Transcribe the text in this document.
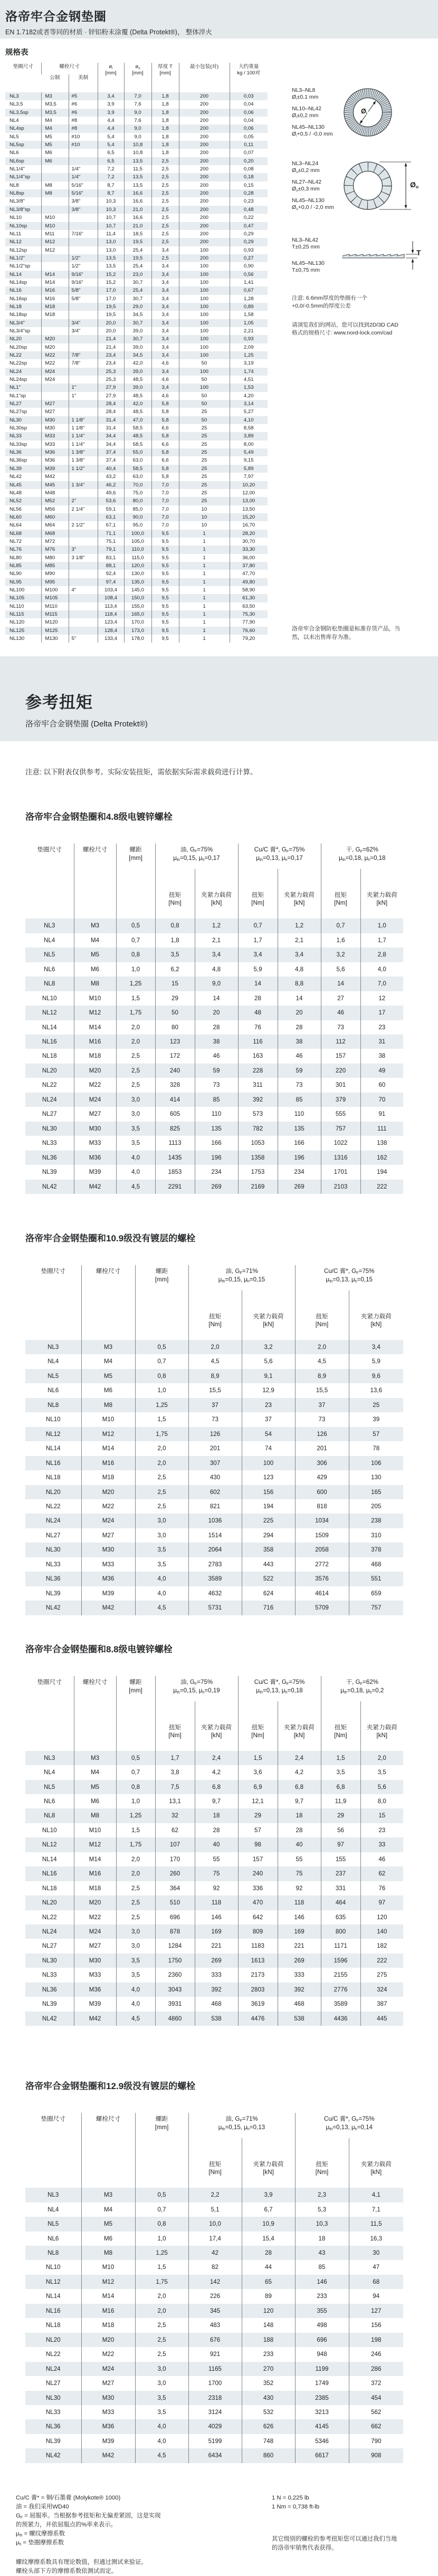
洛帝牢合金钢垫圈
EN 1.7182或者等同的材质 · 锌铝粉末涂覆 (Delta Protekt®)， 整体淬火
规格表
垫圈尺寸	螺栓尺寸	$ø_i$
[mm]

$ø_o$
[mm]

厚度 T
[mm]

最小包装(对)	大约重量
kg / 100对

	公制	美制					

NL3	M3	#5	3,4	7,0	1,8	200	0,03
NL3,5	M3,5	#6	3,9	7,6	1,8	200	0,04
NL3,5sp	M3,5	#6	3,9	9,0	1,8	200	0,06
NL4	M4	#8	4,4	7,6	1,8	200	0,04
NL4sp	M4	#8	4,4	9,0	1,8	200	0,06
NL5	M5	#10	5,4	9,0	1,8	200	0,05
NL5sp	M5	#10	5,4	10,8	1,8	200	0,11
NL6	M6		6,5	10,8	1,8	200	0,07
NL6sp	M6		6,5	13,5	2,5	200	0,20
NL1/4"		1/4"	7,2	11,5	2,5	200	0,08
NL1/4"sp		1/4"	7,2	13,5	2,5	200	0,18
NL8	M8	5/16"	8,7	13,5	2,5	200	0,15
NL8sp	M8	5/16"	8,7	16,6	2,5	200	0,28
NL3/8"		3/8"	10,3	16,6	2,5	200	0,23
NL3/8"sp		3/8"	10,3	21,0	2,5	200	0,48
NL10	M10		10,7	16,6	2,5	200	0,22
NL10sp	M10		10,7	21,0	2,5	200	0,47
NL11	M11	7/16"	11,4	18,5	2,5	200	0,29
NL12	M12		13,0	19,5	2,5	200	0,29
NL12sp	M12		13,0	25,4	3,4	100	0,93
NL1/2"		1/2"	13,5	19,5	2,5	200	0,27
NL1/2"sp		1/2"	13,5	25,4	3,4	100	0,90
NL14	M14	9/16"	15,2	23,0	3,4	100	0,56
NL14sp	M14	9/16"	15,2	30,7	3,4	100	1,41
NL16	M16	5/8"	17,0	25,4	3,4	100	0,67
NL16sp	M16	5/8"	17,0	30,7	3,4	100	1,28
NL18	M18		19,5	29,0	3,4	100	0,89
NL18sp	M18		19,5	34,5	3,4	100	1,58
NL3/4"		3/4"	20,0	30,7	3,4	100	1,05
NL3/4"sp		3/4"	20,0	39,0	3,4	100	2,21
NL20	M20		21,4	30,7	3,4	100	0,93
NL20sp	M20		21,4	39,0	3,4	100	2,09
NL22	M22	7/8"	23,4	34,5	3,4	100	1,25
NL22sp	M22	7/8"	23,4	42,0	4,6	50	3,19
NL24	M24		25,3	39,0	3,4	100	1,74
NL24sp	M24		25,3	48,5	4,6	50	4,51
NL1"		1"	27,9	39,0	3,4	100	1,53
NL1"sp		1"	27,9	48,5	4,6	50	4,20
NL27	M27		28,4	42,0	5,8	50	3,14
NL27sp	M27		28,4	48,5	5,8	25	5,27
NL30	M30	1 1/8"	31,4	47,0	5,8	50	4,10
NL30sp	M30	1 1/8"	31,4	58,5	6,6	25	8,58
NL33	M33	1 1/4"	34,4	48,5	5,8	25	3,89
NL33sp	M33	1 1/4"	34,4	58,5	6,6	25	8,00
NL36	M36	1 3/8"	37,4	55,0	5,8	25	5,49
NL36sp	M36	1 3/8"	37,4	63,0	6,6	25	9,15
NL39	M39	1 1/2"	40,4	58,5	5,8	25	5,89
NL42	M42		43,2	63,0	5,8	25	7,97
NL45	M45	1 3/4"	46,2	70,0	7,0	25	10,20
NL48	M48		49,6	75,0	7,0	25	12,00
NL52	M52	2"	53,6	80,0	7,0	25	13,00
NL56	M56	2 1/4"	59,1	85,0	7,0	10	13,50
NL60	M60		63,1	90,0	7,0	10	15,20
NL64	M64	2 1/2"	67,1	95,0	7,0	10	16,70
NL68	M68		71,1	100,0	9,5	1	28,20
NL72	M72		75,1	105,0	9,5	1	30,70
NL76	M76	3"	79,1	110,0	9,5	1	33,30
NL80	M80	3 1/8"	83,1	115,0	9,5	1	36,00
NL85	M85		88,1	120,0	9,5	1	37,80
NL90	M90		92,4	130,0	9,5	1	47,70
NL95	M95		97,4	135,0	9,5	1	49,80
NL100	M100	4"	103,4	145,0	9,5	1	58,90
NL105	M105		108,4	150,0	9,5	1	61,30
NL110	M110		113,4	155,0	9,5	1	63,50
NL115	M115		118,4	165,0	9,5	1	75,30
NL120	M120		123,4	170,0	9,5	1	77,90
NL125	M125		128,4	173,0	9,5	1	76,60
NL130	M130	5"	133,4	178,0	9,5	1	79,20
NL3–NL8
$Ø_i\pm 0,1$ mm
NL10–NL42
$Ø_i\pm 0,2$ mm
NL45–NL130
$Ø_i+0,5 / -0,0$ mm
$Ø_i$
NL3–NL24
$Ø_o\pm 0,2$ mm
NL27–NL42
$Ø_o\pm 0,3$ mm
NL45–NL130
$Ø_o+0,0 / -2,0$ mm
$Ø_o$
NL3–NL42
T±0,25 mm
NL45–NL130
T±0,75 mm
T
注意: 6.6mm厚度的垫圈有一个
+0,0/-0.5mm的厚度公差
请浏览我们的网站，您可以找到2D/3D CAD
格式的规格尺寸: www.nord-lock.com/cad
洛帝牢合金钢防松垫圈是标准存货产品，当
然，以未出售库存为准。
参考扭矩
洛帝牢合金钢垫圈 (Delta Protekt®)
注意: 以下附表仅供参考。实际安装扭矩，需依据实际需求载荷进行计算。
洛帝牢合金钢垫圈和4.8级电镀锌螺栓
垫圈尺寸	螺栓尺寸	螺距
[mm]

油, $G_F=75\%$
$\mu_{th}=0,15$, $\mu_h=0,17$

Cu/C 膏*, $G_F=75\%$
$\mu_{th}=0,13$, $\mu_h=0,17$

干, $G_F=62\%$
$\mu_{th}=0,18$, $\mu_h=0,18$

扭矩
[Nm]

夹紧力载荷
[kN]

扭矩
[Nm]

夹紧力载荷
[kN]

扭矩
[Nm]

夹紧力载荷
[kN]

NL3	M3	0,5	0,8	1,2	0,7	1,2	0,7	1,0
NL4	M4	0,7	1,8	2,1	1,7	2,1	1,6	1,7
NL5	M5	0,8	3,5	3,4	3,4	3,4	3,2	2,8
NL6	M6	1,0	6,2	4,8	5,9	4,8	5,6	4,0
NL8	M8	1,25	15	9,0	14	8,8	14	7,0
NL10	M10	1,5	29	14	28	14	27	12
NL12	M12	1,75	50	20	48	20	46	17
NL14	M14	2,0	80	28	76	28	73	23
NL16	M16	2,0	123	38	116	38	112	31
NL18	M18	2,5	172	46	163	46	157	38
NL20	M20	2,5	240	59	228	59	220	49
NL22	M22	2,5	328	73	311	73	301	60
NL24	M24	3,0	414	85	392	85	379	70
NL27	M27	3,0	605	110	573	110	555	91
NL30	M30	3,5	825	135	782	135	757	111
NL33	M33	3,5	1113	166	1053	166	1022	138
NL36	M36	4,0	1435	196	1358	196	1316	162
NL39	M39	4,0	1853	234	1753	234	1701	194
NL42	M42	4,5	2291	269	2169	269	2103	222
洛帝牢合金钢垫圈和10.9级没有镀层的螺栓
垫圈尺寸	螺栓尺寸	螺距
[mm]

油, $G_F=71\%$
$\mu_{th}=0,15$, $\mu_h=0,15$

Cu/C 膏*, $G_F=75\%$
$\mu_{th}=0,13$, $\mu_h=0,15$

扭矩
[Nm]

夹紧力载荷
[kN]

扭矩
[Nm]

夹紧力载荷
[kN]

NL3	M3	0,5	2,0	3,2	2,0	3,4
NL4	M4	0,7	4,5	5,6	4,5	5,9
NL5	M5	0,8	8,9	9,1	8,9	9,6
NL6	M6	1,0	15,5	12,9	15,5	13,6
NL8	M8	1,25	37	23	37	25
NL10	M10	1,5	73	37	73	39
NL12	M12	1,75	126	54	126	57
NL14	M14	2,0	201	74	201	78
NL16	M16	2,0	307	100	306	106
NL18	M18	2,5	430	123	429	130
NL20	M20	2,5	602	156	600	165
NL22	M22	2,5	821	194	818	205
NL24	M24	3,0	1036	225	1034	238
NL27	M27	3,0	1514	294	1509	310
NL30	M30	3,5	2064	358	2058	378
NL33	M33	3,5	2783	443	2772	468
NL36	M36	4,0	3589	522	3576	551
NL39	M39	4,0	4632	624	4614	659
NL42	M42	4,5	5731	716	5709	757
洛帝牢合金钢垫圈和8.8级电镀锌螺栓
垫圈尺寸	螺栓尺寸	螺距
[mm]

油, $G_F=75\%$
$\mu_{th}=0,15$, $\mu_h=0,19$

Cu/C 膏*, $G_F=75\%$
$\mu_{th}=0,13$, $\mu_h=0,18$

干, $G_F=62\%$
$\mu_{th}=0,18$, $\mu_h=0,2$

扭矩
[Nm]

夹紧力载荷
[kN]

扭矩
[Nm]

夹紧力载荷
[kN]

扭矩
[Nm]

夹紧力载荷
[kN]

NL3	M3	0,5	1,7	2,4	1,5	2,4	1,5	2,0
NL4	M4	0,7	3,8	4,2	3,6	4,2	3,5	3,5
NL5	M5	0,8	7,5	6,8	6,9	6,8	6,8	5,6
NL6	M6	1,0	13,1	9,7	12,1	9,7	11,9	8,0
NL8	M8	1,25	32	18	29	18	29	15
NL10	M10	1,5	62	28	57	28	56	23
NL12	M12	1,75	107	40	98	40	97	33
NL14	M14	2,0	170	55	157	55	155	46
NL16	M16	2,0	260	75	240	75	237	62
NL18	M18	2,5	364	92	336	92	331	76
NL20	M20	2,5	510	118	470	118	464	97
NL22	M22	2,5	696	146	642	146	635	120
NL24	M24	3,0	878	169	809	169	800	140
NL27	M27	3,0	1284	221	1183	221	1171	182
NL30	M30	3,5	1750	269	1613	269	1596	222
NL33	M33	3,5	2360	333	2173	333	2155	275
NL36	M36	4,0	3043	392	2803	392	2776	324
NL39	M39	4,0	3931	468	3619	468	3589	387
NL42	M42	4,5	4860	538	4476	538	4436	445
洛帝牢合金钢垫圈和12.9级没有镀层的螺栓
垫圈尺寸	螺栓尺寸	螺距
[mm]

油, $G_F=71\%$
$\mu_{th}=0,15$, $\mu_h=0,13$

Cu/C 膏*, $G_F=75\%$
$\mu_{th}=0,13$, $\mu_h=0,14$

扭矩
[Nm]

夹紧力载荷
[kN]

扭矩
[Nm]

夹紧力载荷
[kN]

NL3	M3	0,5	2,2	3,9	2,3	4,1
NL4	M4	0,7	5,1	6,7	5,3	7,1
NL5	M5	0,8	10,0	10,9	10,3	11,5
NL6	M6	1,0	17,4	15,4	18	16,3
NL8	M8	1,25	42	28	43	30
NL10	M10	1,5	82	44	85	47
NL12	M12	1,75	142	65	146	68
NL14	M14	2,0	226	89	233	94
NL16	M16	2,0	345	120	355	127
NL18	M18	2,5	483	148	498	156
NL20	M20	2,5	676	188	696	198
NL22	M22	2,5	921	233	948	246
NL24	M24	3,0	1165	270	1199	286
NL27	M27	3,0	1700	352	1749	372
NL30	M30	3,5	2318	430	2385	454
NL33	M33	3,5	3124	532	3213	562
NL36	M36	4,0	4029	626	4145	662
NL39	M39	4,0	5199	748	5346	790
NL42	M42	4,5	6434	860	6617	908
Cu/C 膏* = 铜/石墨膏 (Molykote® 1000)
油 = 我们采用WD40
$G_F$ = 屈服率。当根据参考扭矩和无偏差紧固，这是实现
的预紧力，并依屈服点的%率来表示。
$\mu_{th}$ = 螺纹摩擦系数
$\mu_h$ = 垫圈摩擦系数
螺纹摩擦系数具有理论数值，但通过测试来验证。
螺栓头部下方的摩擦系数依测试而定。
1 N = 0,225 lb
1 Nm = 0,738 ft-lb
其它级别的螺栓的参考扭矩您可以通过我们当地
的洛帝牢销售代表获得。
